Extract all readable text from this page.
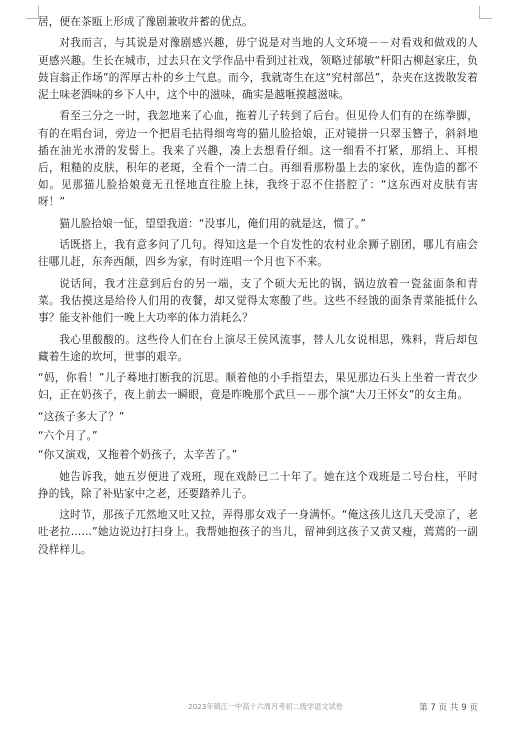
居，便在茶瓯上形成了豫剧兼收并蓄的优点。

对我而言，与其说是对豫剧感兴趣，毋宁说是对当地的人文环境－－对看戏和做戏的人更感兴趣。生长在城市，过去只在文学作品中看到过社戏，领略过郁敏“杆阳古柳赵家庄，负鼓盲翁正作场”的浑厚古朴的乡土气息。而今，我就寄生在这“究村部邑”，杂夹在这拨散发着泥土味老酒味的乡下人中，这个中的滋味，确实是越咂摸越滋味。

看至三分之一时，我忽地来了心血，拖着儿子转到了后台。但见伶人们有的在练拳脚，有的在唱台词，旁边一个把眉毛拈得细弯弯的猫儿脸拾娘，正对镜拼一只翠玉簪子，斜斜地插在油光水滑的发髻上。我来了兴趣，凑上去想看仔细。这一细看不打紧，那绢上、耳根后，粗糙的皮肤，积年的老斑，全看个一清二白。再细看那粉墨上去的家伙，连伪造的都不如。见那猫儿脸拾娘竟无丑怪地直往脸上抹，我终于忍不住搭腔了：“这东西对皮肤有害呀！”

猫儿脸拾娘一怔，望望我道：“没事儿，俺们用的就是这，惯了。”

话既搭上，我有意多问了几句。得知这是一个自发性的农村业余狮子剧团，哪儿有庙会往哪儿赶，东奔西颠，四乡为家，有时连唱一个月也下不来。

说话间，我才注意到后台的另一端，支了个硕大无比的锅，锅边放着一瓷盆面条和青菜。我估摸这是给伶人们用的夜餐，却又觉得太寒酸了些。这些不经饿的面条青菜能抵什么事？能支补他们一晚上大功率的体力消耗么？

我心里酸酸的。这些伶人们在台上演尽王侯风流事，替人儿女说相思，殊料，背后却包藏着生途的坎坷，世事的艰辛。

“妈，你看！”儿子蓦地打断我的沉思。顺着他的小手指望去，果见那边石头上坐着一青衣少妇，正在奶孩子，夜上前去一瞬眼，竟是昨晚那个武旦－－那个演“大刀王怀女”的女主角。

“这孩子多大了？”

“六个月了。”

“你又演戏，又拖着个奶孩子，太辛苦了。”

她告诉我，她五岁便进了戏班，现在戏龄已二十年了。她在这个戏班是二号台柱，平时挣的钱，除了补贴家中之老，还要踏养儿子。

这时节，那孩子兀然地又吐又拉，弄得那女戏子一身满怀。“俺这孩儿这几天受凉了，老吐老拉……”她边说边打扫身上。我帮她抱孩子的当儿，留神到这孩子又黄又瘦，蔫蔫的一副没样样儿。

2023年镇江一中高十六周月考初二级学语文试卷	第 7 页 共 9 页
